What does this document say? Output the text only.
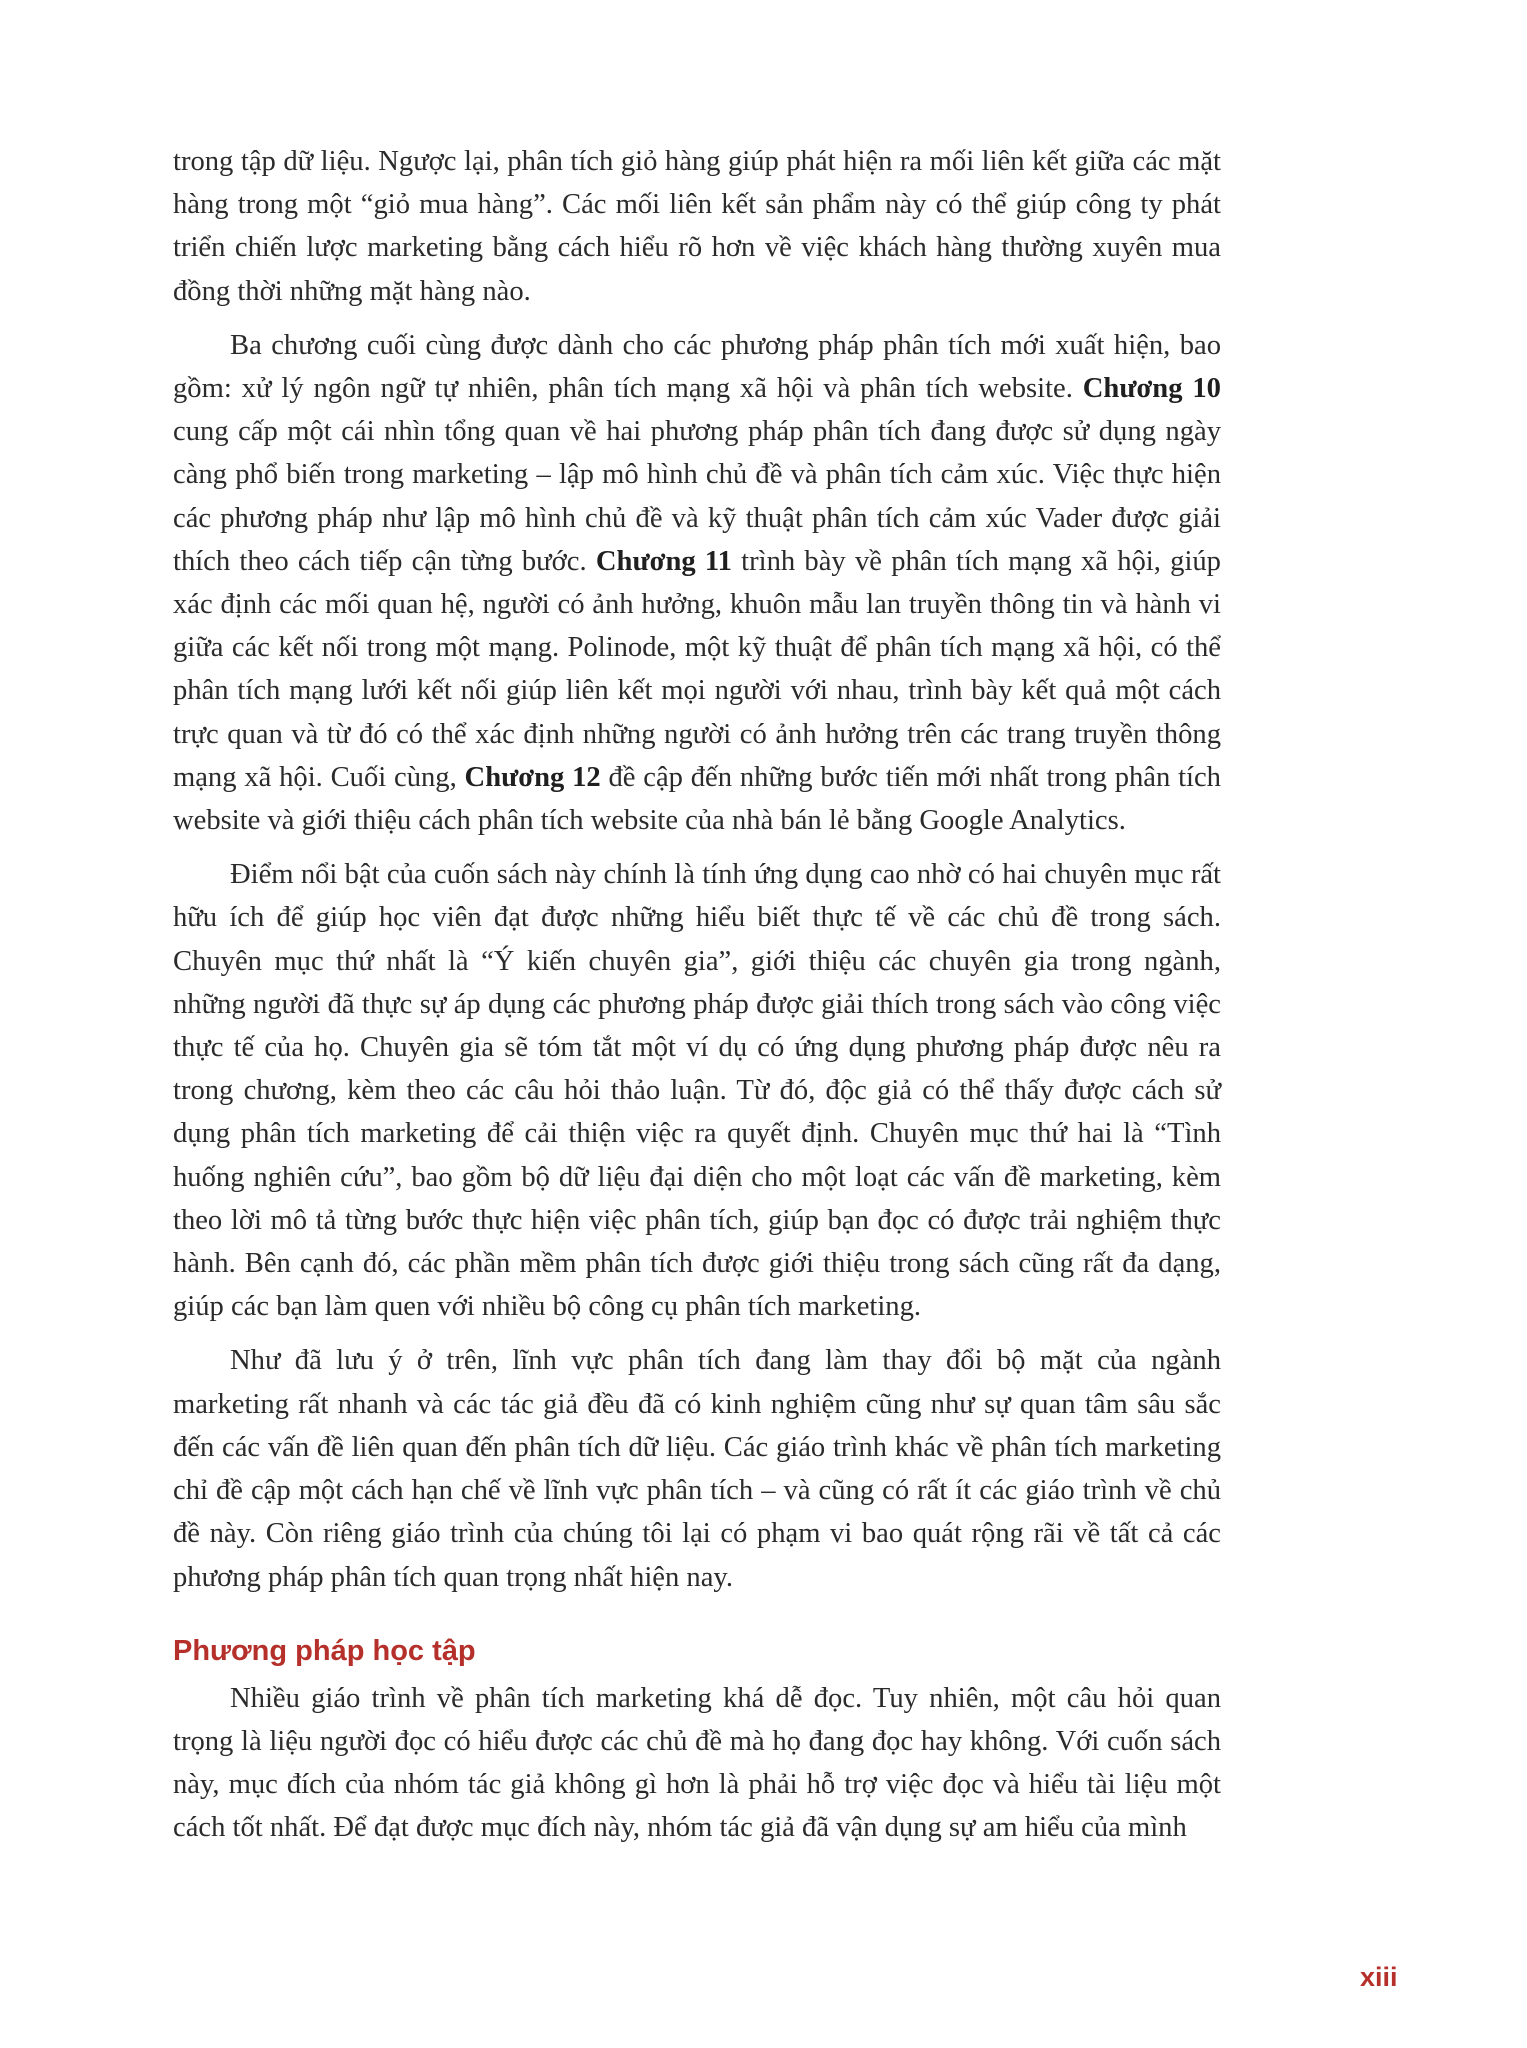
trong tập dữ liệu. Ngược lại, phân tích giỏ hàng giúp phát hiện ra mối liên kết giữa các mặt hàng trong một “giỏ mua hàng”. Các mối liên kết sản phẩm này có thể giúp công ty phát triển chiến lược marketing bằng cách hiểu rõ hơn về việc khách hàng thường xuyên mua đồng thời những mặt hàng nào.

Ba chương cuối cùng được dành cho các phương pháp phân tích mới xuất hiện, bao gồm: xử lý ngôn ngữ tự nhiên, phân tích mạng xã hội và phân tích website. Chương 10 cung cấp một cái nhìn tổng quan về hai phương pháp phân tích đang được sử dụng ngày càng phổ biến trong marketing – lập mô hình chủ đề và phân tích cảm xúc. Việc thực hiện các phương pháp như lập mô hình chủ đề và kỹ thuật phân tích cảm xúc Vader được giải thích theo cách tiếp cận từng bước. Chương 11 trình bày về phân tích mạng xã hội, giúp xác định các mối quan hệ, người có ảnh hưởng, khuôn mẫu lan truyền thông tin và hành vi giữa các kết nối trong một mạng. Polinode, một kỹ thuật để phân tích mạng xã hội, có thể phân tích mạng lưới kết nối giúp liên kết mọi người với nhau, trình bày kết quả một cách trực quan và từ đó có thể xác định những người có ảnh hưởng trên các trang truyền thông mạng xã hội. Cuối cùng, Chương 12 đề cập đến những bước tiến mới nhất trong phân tích website và giới thiệu cách phân tích website của nhà bán lẻ bằng Google Analytics.

Điểm nổi bật của cuốn sách này chính là tính ứng dụng cao nhờ có hai chuyên mục rất hữu ích để giúp học viên đạt được những hiểu biết thực tế về các chủ đề trong sách. Chuyên mục thứ nhất là “Ý kiến chuyên gia”, giới thiệu các chuyên gia trong ngành, những người đã thực sự áp dụng các phương pháp được giải thích trong sách vào công việc thực tế của họ. Chuyên gia sẽ tóm tắt một ví dụ có ứng dụng phương pháp được nêu ra trong chương, kèm theo các câu hỏi thảo luận. Từ đó, độc giả có thể thấy được cách sử dụng phân tích marketing để cải thiện việc ra quyết định. Chuyên mục thứ hai là “Tình huống nghiên cứu”, bao gồm bộ dữ liệu đại diện cho một loạt các vấn đề marketing, kèm theo lời mô tả từng bước thực hiện việc phân tích, giúp bạn đọc có được trải nghiệm thực hành. Bên cạnh đó, các phần mềm phân tích được giới thiệu trong sách cũng rất đa dạng, giúp các bạn làm quen với nhiều bộ công cụ phân tích marketing.

Như đã lưu ý ở trên, lĩnh vực phân tích đang làm thay đổi bộ mặt của ngành marketing rất nhanh và các tác giả đều đã có kinh nghiệm cũng như sự quan tâm sâu sắc đến các vấn đề liên quan đến phân tích dữ liệu. Các giáo trình khác về phân tích marketing chỉ đề cập một cách hạn chế về lĩnh vực phân tích – và cũng có rất ít các giáo trình về chủ đề này. Còn riêng giáo trình của chúng tôi lại có phạm vi bao quát rộng rãi về tất cả các phương pháp phân tích quan trọng nhất hiện nay.

Phương pháp học tập

Nhiều giáo trình về phân tích marketing khá dễ đọc. Tuy nhiên, một câu hỏi quan trọng là liệu người đọc có hiểu được các chủ đề mà họ đang đọc hay không. Với cuốn sách này, mục đích của nhóm tác giả không gì hơn là phải hỗ trợ việc đọc và hiểu tài liệu một cách tốt nhất. Để đạt được mục đích này, nhóm tác giả đã vận dụng sự am hiểu của mình

xiii
